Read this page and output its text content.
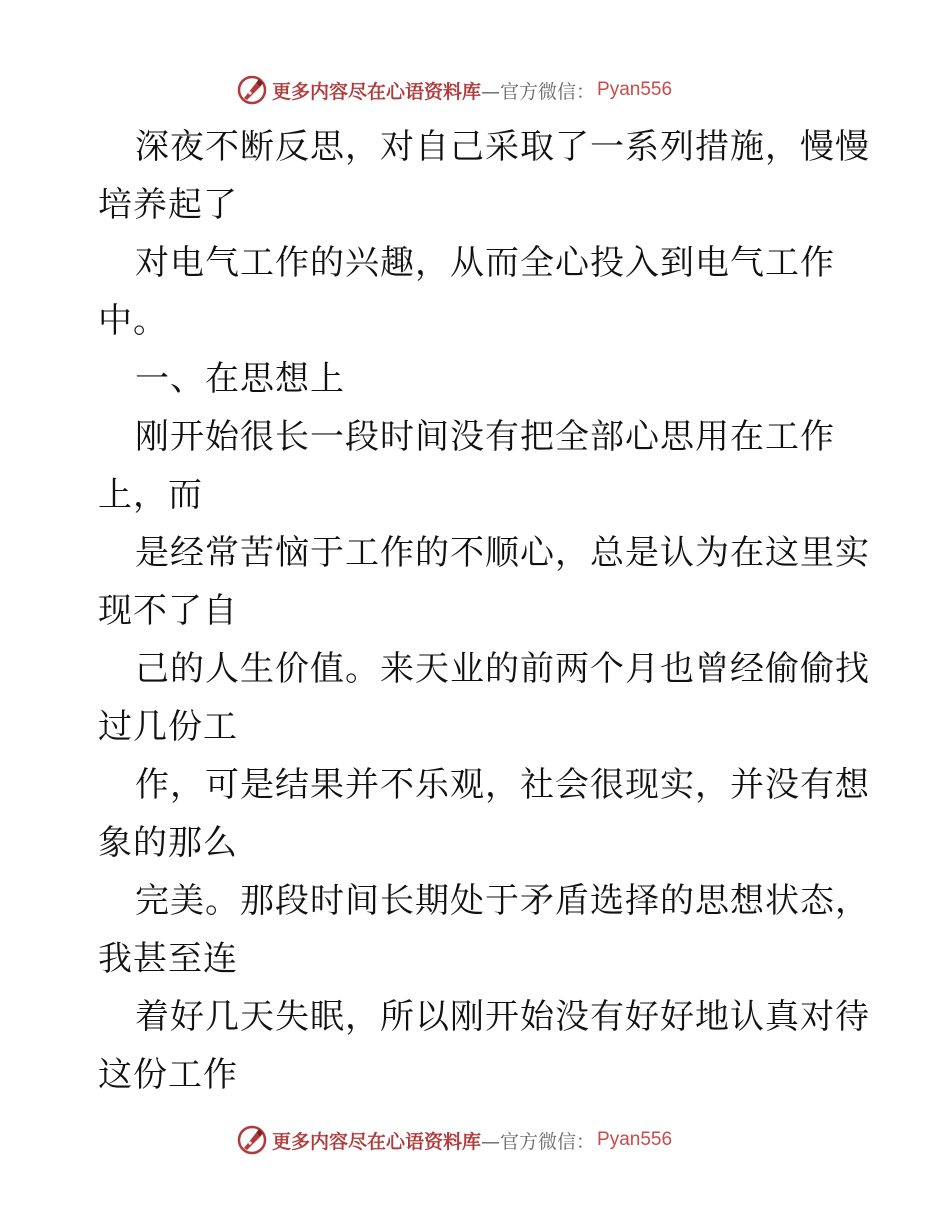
更多内容尽在心语资料库 —官方微信： Pyan556
深夜不断反思，对自己采取了一系列措施，慢慢
培养起了
对电气工作的兴趣，从而全心投入到电气工作
中。
一、在思想上
刚开始很长一段时间没有把全部心思用在工作
上，而
是经常苦恼于工作的不顺心，总是认为在这里实
现不了自
己的人生价值。来天业的前两个月也曾经偷偷找
过几份工
作，可是结果并不乐观，社会很现实，并没有想
象的那么
完美。那段时间长期处于矛盾选择的思想状态，
我甚至连
着好几天失眠，所以刚开始没有好好地认真对待
这份工作
更多内容尽在心语资料库 —官方微信： Pyan556
